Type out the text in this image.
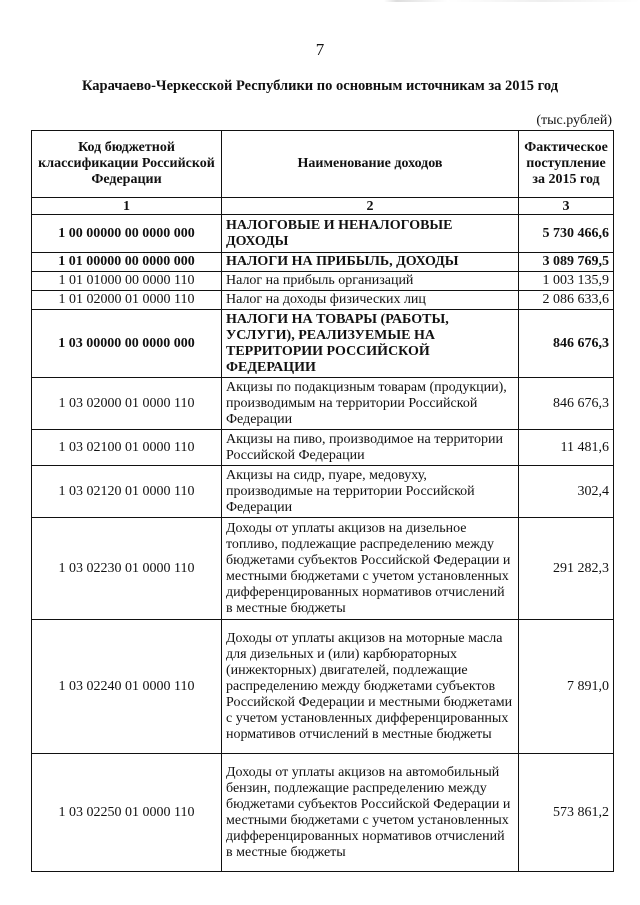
7
Карачаево-Черкесской Республики по основным источникам за 2015 год
(тыс.рублей)
Код бюджетной классификации Российской Федерации	Наименование доходов	Фактическое поступление за 2015 год
1	2	3
1 00 00000 00 0000 000	НАЛОГОВЫЕ И НЕНАЛОГОВЫЕ ДОХОДЫ	5 730 466,6
1 01 00000 00 0000 000	НАЛОГИ НА ПРИБЫЛЬ, ДОХОДЫ	3 089 769,5
1 01 01000 00 0000 110	Налог на прибыль организаций	1 003 135,9
1 01 02000 01 0000 110	Налог на доходы физических лиц	2 086 633,6
1 03 00000 00 0000 000	НАЛОГИ НА ТОВАРЫ (РАБОТЫ, УСЛУГИ), РЕАЛИЗУЕМЫЕ НА ТЕРРИТОРИИ РОССИЙСКОЙ ФЕДЕРАЦИИ	846 676,3
1 03 02000 01 0000 110	Акцизы по подакцизным товарам (продукции), производимым на территории Российской Федерации	846 676,3
1 03 02100 01 0000 110	Акцизы на пиво, производимое на территории Российской Федерации	11 481,6
1 03 02120 01 0000 110	Акцизы на сидр, пуаре, медовуху, производимые на территории Российской Федерации	302,4
1 03 02230 01 0000 110	Доходы от уплаты акцизов на дизельное топливо, подлежащие распределению между бюджетами субъектов Российской Федерации и местными бюджетами с учетом установленных дифференцированных нормативов отчислений в местные бюджеты	291 282,3
1 03 02240 01 0000 110	Доходы от уплаты акцизов на моторные масла для дизельных и (или) карбюраторных (инжекторных) двигателей, подлежащие распределению между бюджетами субъектов Российской Федерации и местными бюджетами с учетом установленных дифференцированных нормативов отчислений в местные бюджеты	7 891,0
1 03 02250 01 0000 110	Доходы от уплаты акцизов на автомобильный бензин, подлежащие распределению между бюджетами субъектов Российской Федерации и местными бюджетами с учетом установленных дифференцированных нормативов отчислений в местные бюджеты	573 861,2
